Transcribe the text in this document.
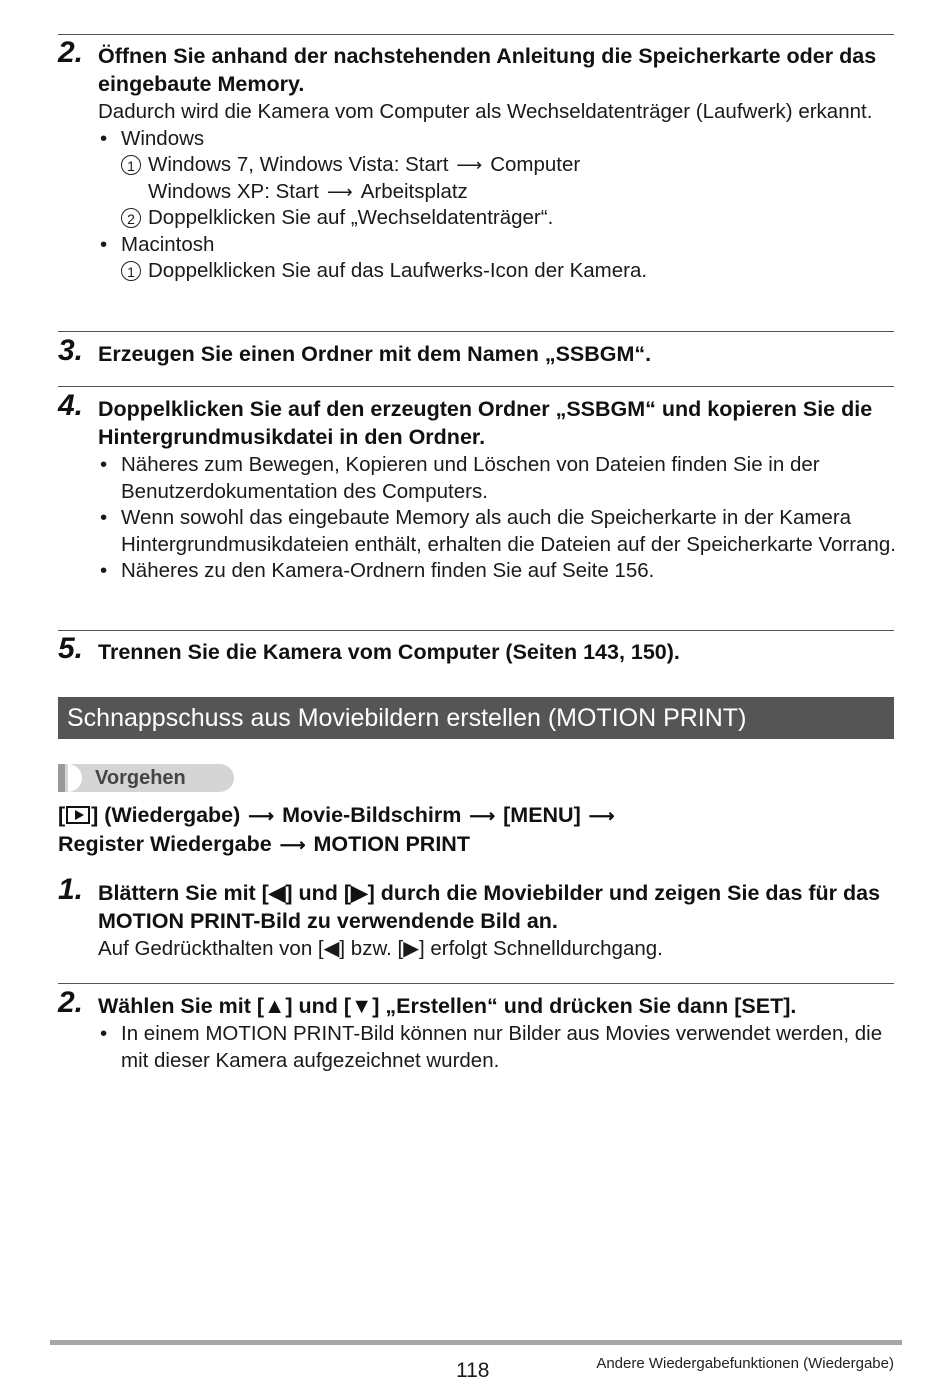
2. Öffnen Sie anhand der nachstehenden Anleitung die Speicherkarte oder das eingebaute Memory.
Dadurch wird die Kamera vom Computer als Wechseldatenträger (Laufwerk) erkannt.
• Windows
1 Windows 7, Windows Vista: Start ⟶ Computer
Windows XP: Start ⟶ Arbeitsplatz
2 Doppelklicken Sie auf „Wechseldatenträger“.
• Macintosh
1 Doppelklicken Sie auf das Laufwerks-Icon der Kamera.
3. Erzeugen Sie einen Ordner mit dem Namen „SSBGM“.
4. Doppelklicken Sie auf den erzeugten Ordner „SSBGM“ und kopieren Sie die Hintergrundmusikdatei in den Ordner.
• Näheres zum Bewegen, Kopieren und Löschen von Dateien finden Sie in der Benutzerdokumentation des Computers.
• Wenn sowohl das eingebaute Memory als auch die Speicherkarte in der Kamera Hintergrundmusikdateien enthält, erhalten die Dateien auf der Speicherkarte Vorrang.
• Näheres zu den Kamera-Ordnern finden Sie auf Seite 156.
5. Trennen Sie die Kamera vom Computer (Seiten 143, 150).
Schnappschuss aus Moviebildern erstellen (MOTION PRINT)
Vorgehen
[ ] (Wiedergabe) ⟶ Movie-Bildschirm ⟶ [MENU] ⟶
Register Wiedergabe ⟶ MOTION PRINT
1. Blättern Sie mit [◀] und [▶] durch die Moviebilder und zeigen Sie das für das MOTION PRINT-Bild zu verwendende Bild an.
Auf Gedrückthalten von [◀] bzw. [▶] erfolgt Schnelldurchgang.
2. Wählen Sie mit [▲] und [▼] „Erstellen“ und drücken Sie dann [SET].
• In einem MOTION PRINT-Bild können nur Bilder aus Movies verwendet werden, die mit dieser Kamera aufgezeichnet wurden.
118	Andere Wiedergabefunktionen (Wiedergabe)
